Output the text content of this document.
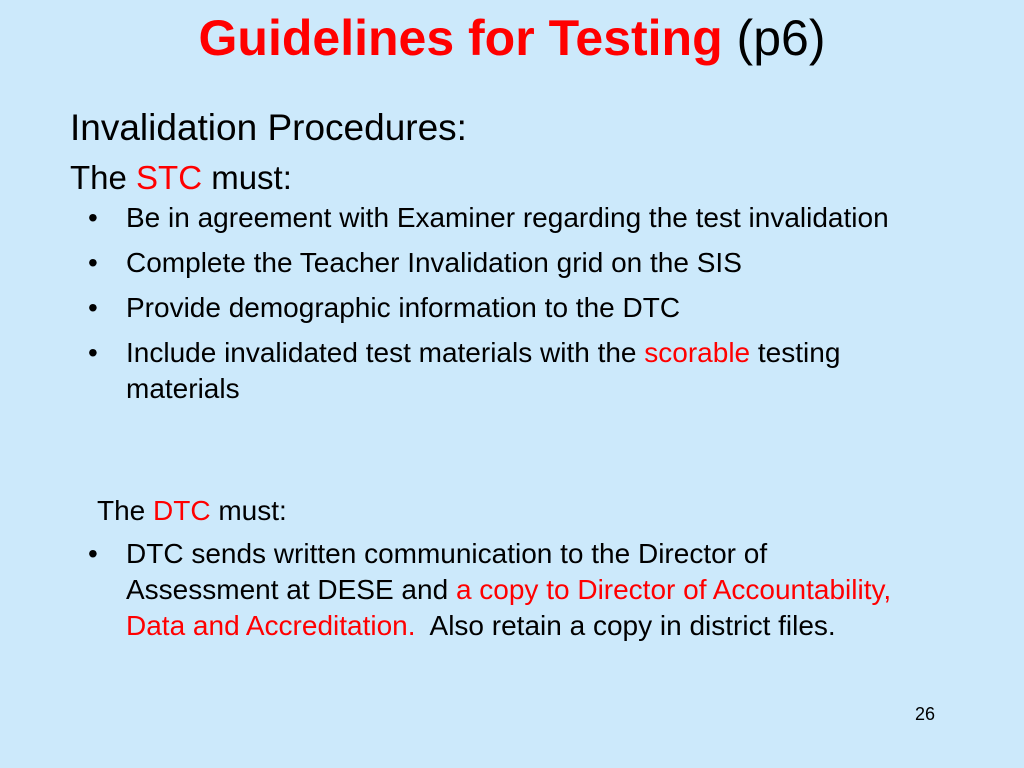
Guidelines for Testing (p6)
Invalidation Procedures:
The STC must:
• Be in agreement with Examiner regarding the test invalidation
• Complete the Teacher Invalidation grid on the SIS
• Provide demographic information to the DTC
• Include invalidated test materials with the scorable testing materials
The DTC must:
• DTC sends written communication to the Director of Assessment at DESE and a copy to Director of Accountability, Data and Accreditation. Also retain a copy in district files.
26
